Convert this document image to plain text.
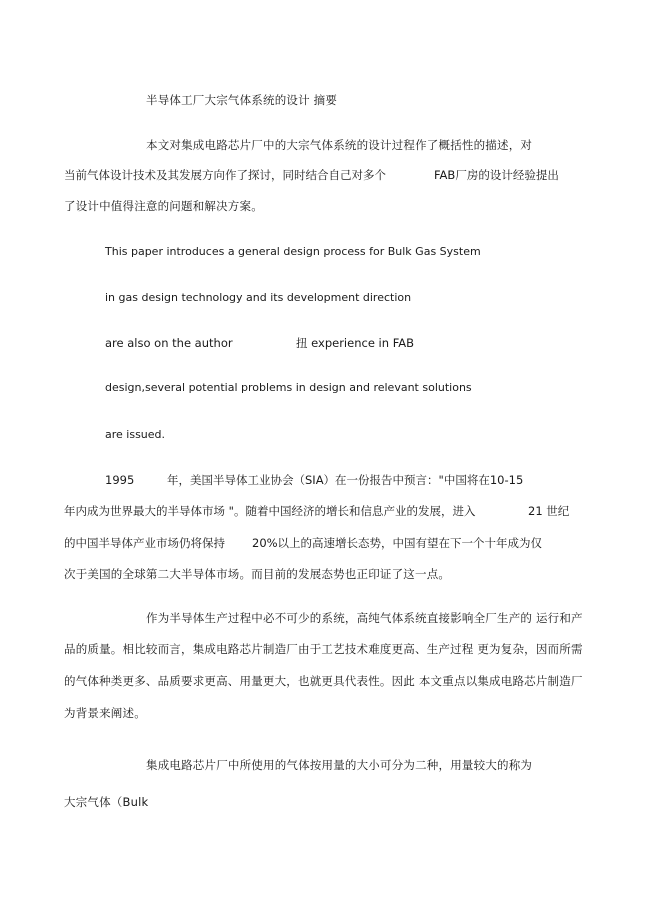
半导体工厂大宗气体系统的设计 摘要
本文对集成电路芯片厂中的大宗气体系统的设计过程作了概括性的描述，对
当前气体设计技术及其发展方向作了探讨，同时结合自己对多个	FAB厂房的设计经验提出
了设计中值得注意的问题和解决方案。
This paper introduces a general design process for Bulk Gas System
in gas design technology and its development direction
are also on the author	扭 experience in FAB
design,several potential problems in design and relevant solutions
are issued.
1995	年，美国半导体工业协会（SIA）在一份报告中预言："中国将在10-15
年内成为世界最大的半导体市场 "。随着中国经济的增长和信息产业的发展，进入	21 世纪
的中国半导体产业市场仍将保持 20%以上的高速增长态势，中国有望在下一个十年成为仅
次于美国的全球第二大半导体市场。而目前的发展态势也正印证了这一点。
作为半导体生产过程中必不可少的系统，高纯气体系统直接影响全厂生产的 运行和产
品的质量。相比较而言，集成电路芯片制造厂由于工艺技术难度更高、生产过程 更为复杂，因而所需
的气体种类更多、品质要求更高、用量更大，也就更具代表性。因此 本文重点以集成电路芯片制造厂
为背景来阐述。
集成电路芯片厂中所使用的气体按用量的大小可分为二种，用量较大的称为
大宗气体（Bulk
